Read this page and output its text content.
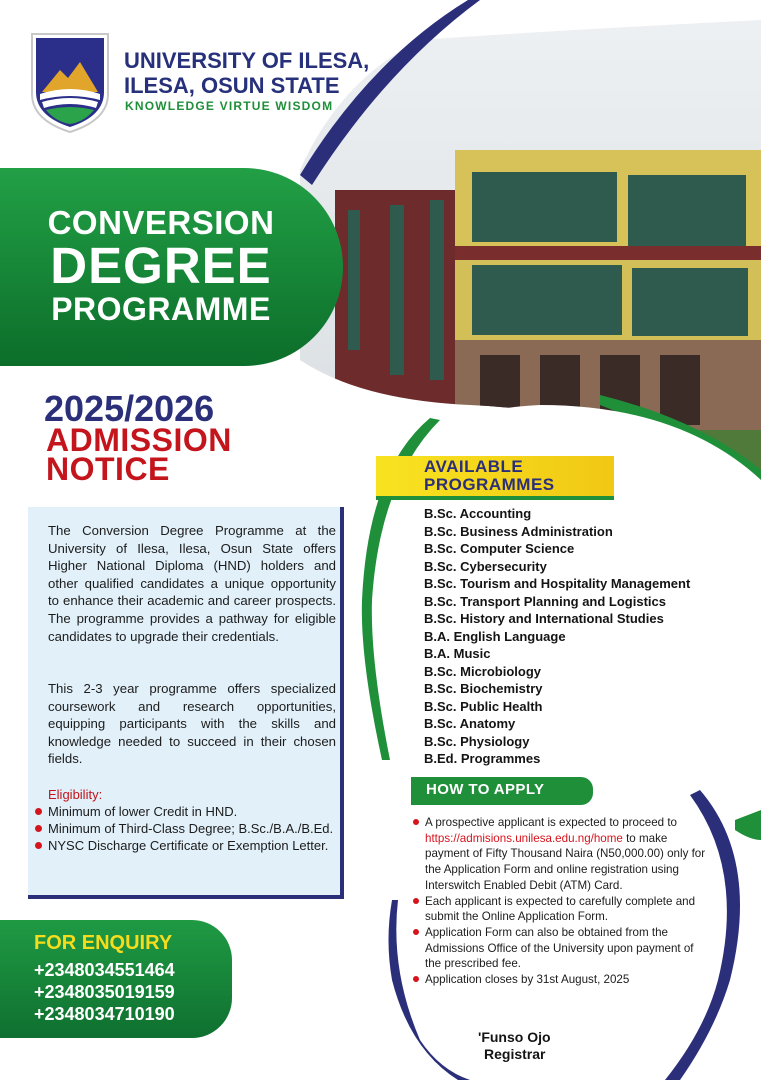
UNIVERSITY OF ILESA,
ILESA, OSUN STATE
KNOWLEDGE VIRTUE WISDOM
CONVERSION
DEGREE
PROGRAMME
2025/2026
ADMISSION
NOTICE
The Conversion Degree Programme at the University of Ilesa, Ilesa, Osun State offers Higher National Diploma (HND) holders and other qualified candidates a unique opportunity to enhance their academic and career prospects. The programme provides a pathway for eligible candidates to upgrade their credentials.
This 2-3 year programme offers specialized coursework and research opportunities, equipping participants with the skills and knowledge needed to succeed in their chosen fields.
Eligibility:
Minimum of lower Credit in HND.
Minimum of Third-Class Degree; B.Sc./B.A./B.Ed.
NYSC Discharge Certificate or Exemption Letter.
FOR ENQUIRY
+2348034551464
+2348035019159
+2348034710190
AVAILABLE
PROGRAMMES
B.Sc. Accounting
B.Sc. Business Administration
B.Sc. Computer Science
B.Sc. Cybersecurity
B.Sc. Tourism and Hospitality Management
B.Sc. Transport Planning and Logistics
B.Sc. History and International Studies
B.A. English Language
B.A. Music
B.Sc. Microbiology
B.Sc. Biochemistry
B.Sc. Public Health
B.Sc. Anatomy
B.Sc. Physiology
B.Ed. Programmes
HOW TO APPLY
A prospective applicant is expected to proceed to https://admisions.unilesa.edu.ng/home to make payment of Fifty Thousand Naira (N50,000.00) only for the Application Form and online registration using Interswitch Enabled Debit (ATM) Card.
Each applicant is expected to carefully complete and submit the Online Application Form.
Application Form can also be obtained from the Admissions Office of the University upon payment of the prescribed fee.
Application closes by 31st August, 2025
'Funso Ojo
Registrar
